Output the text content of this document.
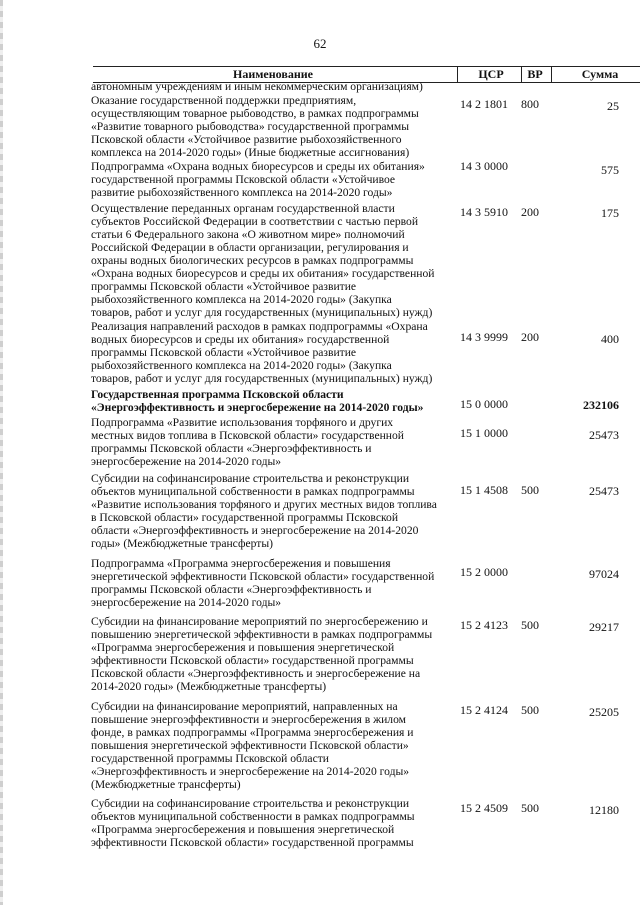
62
Наименование	ЦСР	ВР	Сумма
автономным учреждениям и иным некоммерческим организациям)
Оказание государственной поддержки предприятиям,
осуществляющим товарное рыбоводство, в рамках подпрограммы
«Развитие товарного рыбоводства» государственной программы
Псковской области «Устойчивое развитие рыбохозяйственного
комплекса на 2014-2020 годы» (Иные бюджетные ассигнования)
14 2 1801 800	25
Подпрограмма «Охрана водных биоресурсов и среды их обитания»
государственной программы Псковской области «Устойчивое
развитие рыбохозяйственного комплекса на 2014-2020 годы»
14 3 0000	575
Осуществление переданных органам государственной власти
субъектов Российской Федерации в соответствии с частью первой
статьи 6 Федерального закона «О животном мире» полномочий
Российской Федерации в области организации, регулирования и
охраны водных биологических ресурсов в рамках подпрограммы
«Охрана водных биоресурсов и среды их обитания» государственной
программы Псковской области «Устойчивое развитие
рыбохозяйственного комплекса на 2014-2020 годы» (Закупка
товаров, работ и услуг для государственных (муниципальных) нужд)
14 3 5910 200	175
Реализация направлений расходов в рамках подпрограммы «Охрана
водных биоресурсов и среды их обитания» государственной
программы Псковской области «Устойчивое развитие
рыбохозяйственного комплекса на 2014-2020 годы» (Закупка
товаров, работ и услуг для государственных (муниципальных) нужд)
14 3 9999 200	400
Государственная программа Псковской области
«Энергоэффективность и энергосбережение на 2014-2020 годы»	15 0 0000	232106
Подпрограмма «Развитие использования торфяного и других
местных видов топлива в Псковской области» государственной
программы Псковской области «Энергоэффективность и
энергосбережение на 2014-2020 годы»
15 1 0000	25473
Субсидии на софинансирование строительства и реконструкции
объектов муниципальной собственности в рамках подпрограммы
«Развитие использования торфяного и других местных видов топлива
в Псковской области» государственной программы Псковской
области «Энергоэффективность и энергосбережение на 2014-2020
годы» (Межбюджетные трансферты)
15 1 4508 500	25473
Подпрограмма «Программа энергосбережения и повышения
энергетической эффективности Псковской области» государственной
программы Псковской области «Энергоэффективность и
энергосбережение на 2014-2020 годы»
15 2 0000	97024
Субсидии на финансирование мероприятий по энергосбережению и
повышению энергетической эффективности в рамках подпрограммы
«Программа энергосбережения и повышения энергетической
эффективности Псковской области» государственной программы
Псковской области «Энергоэффективность и энергосбережение на
2014-2020 годы» (Межбюджетные трансферты)
15 2 4123 500	29217
Субсидии на финансирование мероприятий, направленных на
повышение энергоэффективности и энергосбережения в жилом
фонде, в рамках подпрограммы «Программа энергосбережения и
повышения энергетической эффективности Псковской области»
государственной программы Псковской области
«Энергоэффективность и энергосбережение на 2014-2020 годы»
(Межбюджетные трансферты)
15 2 4124 500	25205
Субсидии на софинансирование строительства и реконструкции
объектов муниципальной собственности в рамках подпрограммы
«Программа энергосбережения и повышения энергетической
эффективности Псковской области» государственной программы
15 2 4509 500	12180
